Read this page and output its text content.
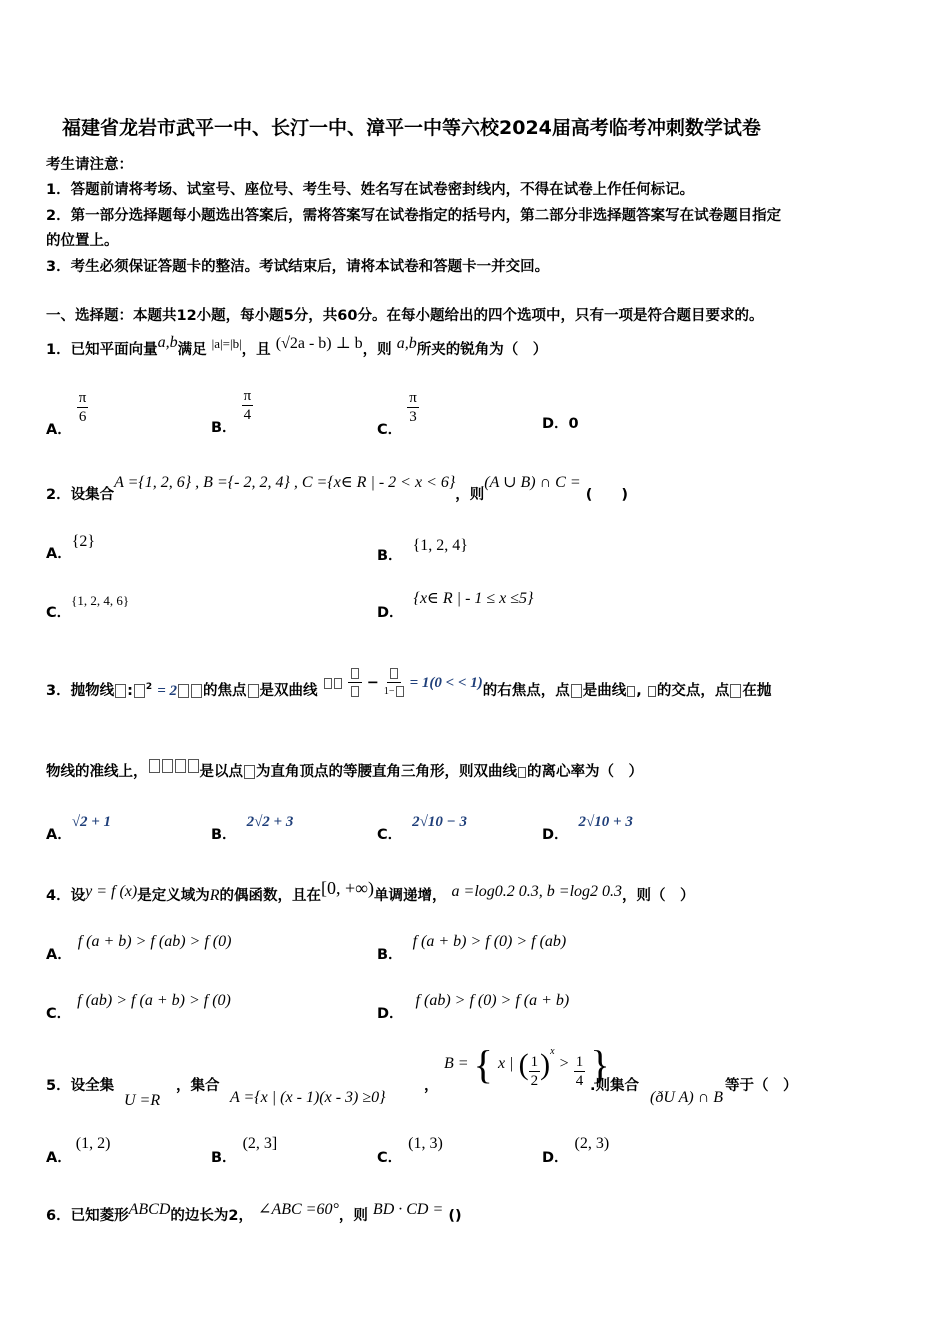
福建省龙岩市武平一中、长汀一中、漳平一中等六校2024届高考临考冲刺数学试卷
考生请注意：
1．答题前请将考场、试室号、座位号、考生号、姓名写在试卷密封线内，不得在试卷上作任何标记。
2．第一部分选择题每小题选出答案后，需将答案写在试卷指定的括号内，第二部分非选择题答案写在试卷题目指定
的位置上。
3．考生必须保证答题卡的整洁。考试结束后，请将本试卷和答题卡一并交回。
一、选择题：本题共12小题，每小题5分，共60分。在每小题给出的四个选项中，只有一项是符合题目要求的。
1．已知平面向量a,b满足 |a|=|b|，且 (√2a - b) ⊥ b，则 a,b所夹的锐角为（　）
A．
$\frac{\pi}{6}$
B．
$\frac{\pi}{4}$
C．
$\frac{\pi}{3}$	D．0
2．设集合A ={1, 2, 6} , B ={- 2, 2, 4} , C ={x∈ R | - 2 < x < 6}，则(A ∪ B) ∩ C = (　　)
A．{2}
B．{1, 2, 4}
C．{1, 2, 4, 6}
D．{x∈ R | - 1 ≤ x ≤5}
3．抛物线 : $^2$ = 2 的焦点 是双曲线	−
1−
= 1(0 < < 1)的右焦点，点 是曲线 , 的交点，点 在抛
物线的准线上，	是以点 为直角顶点的等腰直角三角形，则双曲线 的离心率为（　）
A．√2 + 1
B．2√2 + 3
C．2√10 − 3
D．2√10 + 3
4．设y = f (x)是定义域为R的偶函数，且在[0, +∞)单调递增， a =log0.2 0.3, b =log2 0.3，则（　）
A．f (a + b) > f (ab) > f (0)
B．f (a + b) > f (0) > f (ab)
C．f (ab) > f (a + b) > f (0)
D．f (ab) > f (0) > f (a + b)
5．设全集
U =R
，集合
A ={x | (x - 1)(x - 3) ≥0}
，
B = { x | ( $\frac{1}{2} )^x > \frac{1}{4}$ }
.则集合
(ðU A) ∩ B
等于（　）
A．(1, 2)
B．(2, 3]
C．(1, 3)
D．(2, 3)
6．已知菱形ABCD的边长为2， ∠ABC =60°，则 BD · CD = ()
